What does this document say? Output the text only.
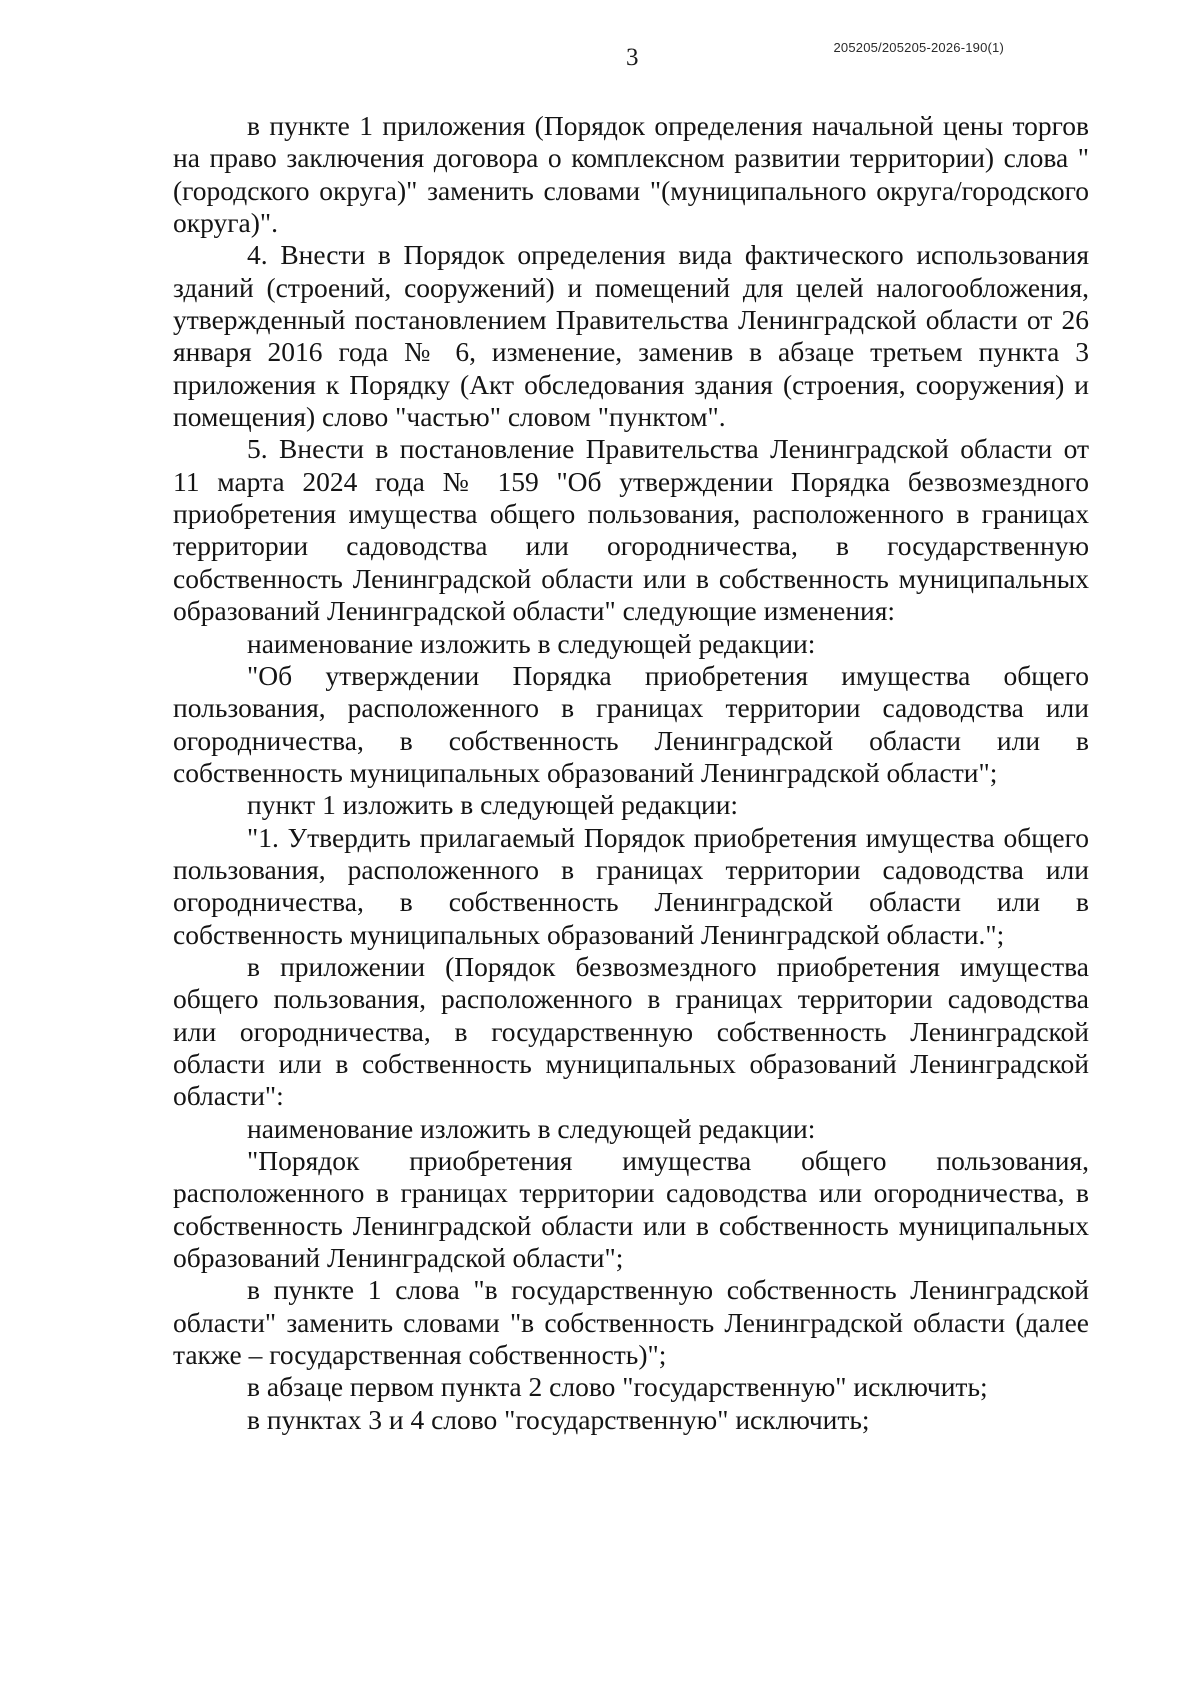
3	205205/205205-2026-190(1)

в пункте 1 приложения (Порядок определения начальной цены торгов на право заключения договора о комплексном развитии территории) слова "(городского округа)" заменить словами "(муниципального округа/городского округа)".

4. Внести в Порядок определения вида фактического использования зданий (строений, сооружений) и помещений для целей налогообложения, утвержденный постановлением Правительства Ленинградской области от 26 января 2016 года № 6, изменение, заменив в абзаце третьем пункта 3 приложения к Порядку (Акт обследования здания (строения, сооружения) и помещения) слово "частью" словом "пунктом".

5. Внести в постановление Правительства Ленинградской области от 11 марта 2024 года № 159 "Об утверждении Порядка безвозмездного приобретения имущества общего пользования, расположенного в границах территории садоводства или огородничества, в государственную собственность Ленинградской области или в собственность муниципальных образований Ленинградской области" следующие изменения:

наименование изложить в следующей редакции:

"Об утверждении Порядка приобретения имущества общего пользования, расположенного в границах территории садоводства или огородничества, в собственность Ленинградской области или в собственность муниципальных образований Ленинградской области";

пункт 1 изложить в следующей редакции:

"1. Утвердить прилагаемый Порядок приобретения имущества общего пользования, расположенного в границах территории садоводства или огородничества, в собственность Ленинградской области или в собственность муниципальных образований Ленинградской области.";

в приложении (Порядок безвозмездного приобретения имущества общего пользования, расположенного в границах территории садоводства или огородничества, в государственную собственность Ленинградской области или в собственность муниципальных образований Ленинградской области":

наименование изложить в следующей редакции:

"Порядок приобретения имущества общего пользования, расположенного в границах территории садоводства или огородничества, в собственность Ленинградской области или в собственность муниципальных образований Ленинградской области";

в пункте 1 слова "в государственную собственность Ленинградской области" заменить словами "в собственность Ленинградской области (далее также – государственная собственность)";

в абзаце первом пункта 2 слово "государственную" исключить;

в пунктах 3 и 4 слово "государственную" исключить;
